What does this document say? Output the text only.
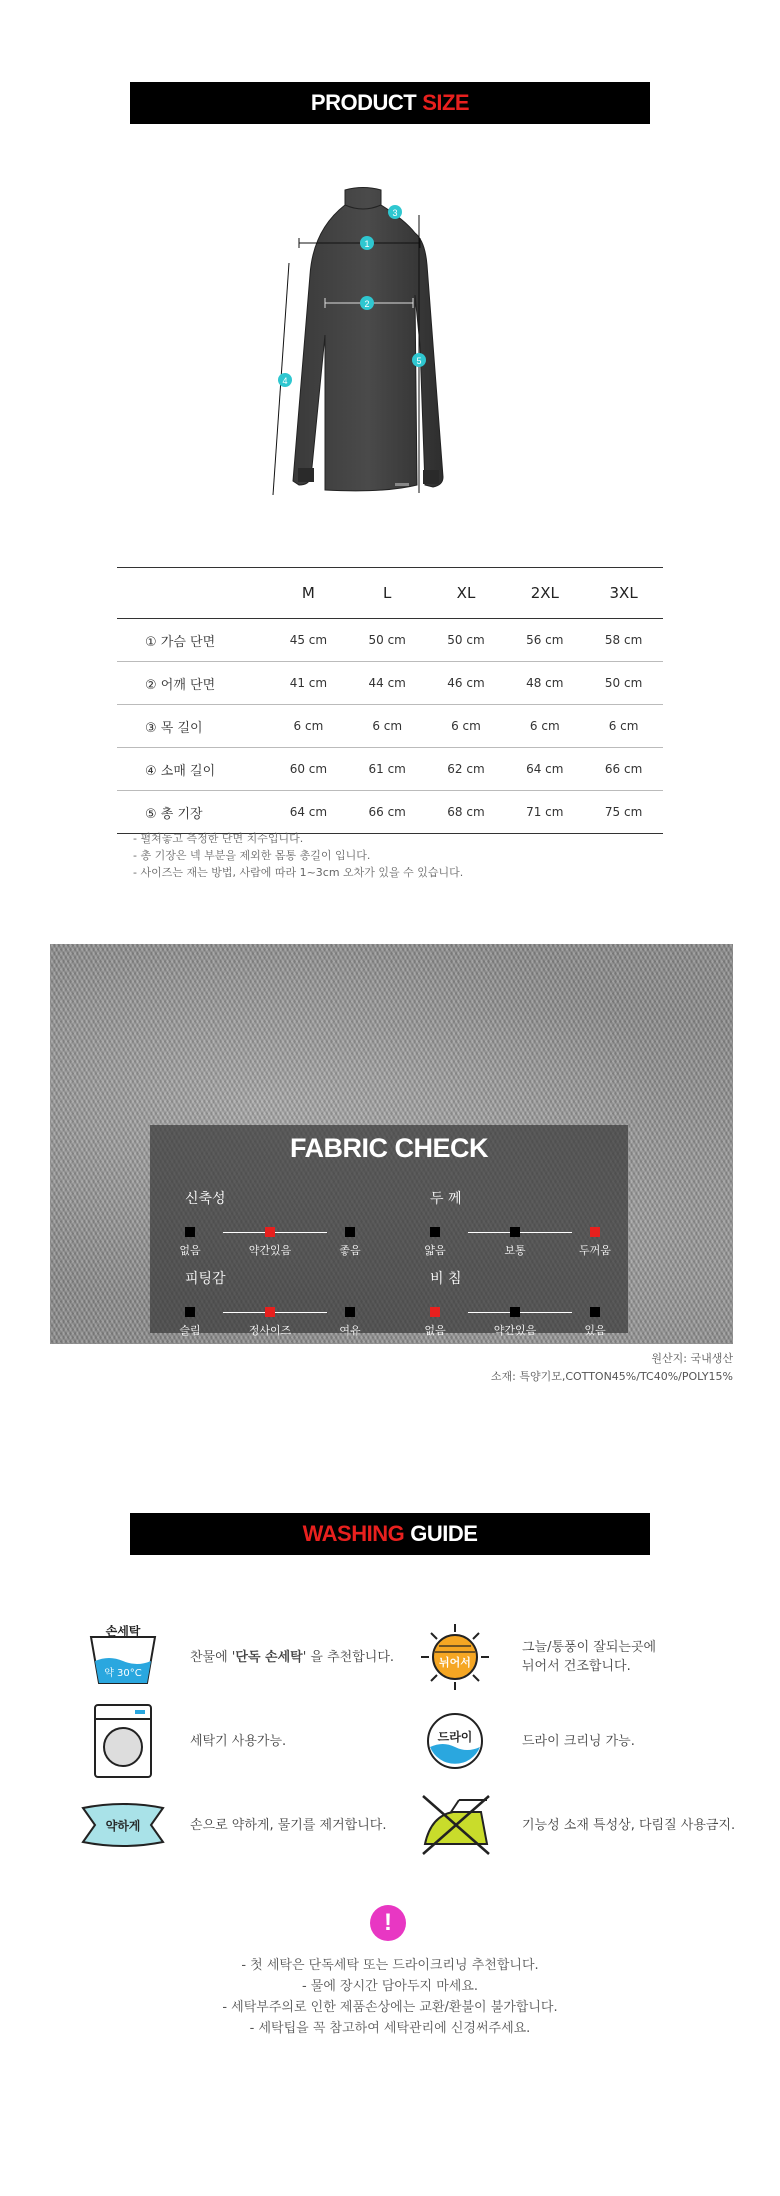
PRODUCT SIZE
1
2
3
4
5
	M	L	XL	2XL	3XL
① 가슴 단면	45 cm	50 cm	50 cm	56 cm	58 cm
② 어깨 단면	41 cm	44 cm	46 cm	48 cm	50 cm
③ 목 길이	6 cm	6 cm	6 cm	6 cm	6 cm
④ 소매 길이	60 cm	61 cm	62 cm	64 cm	66 cm
⑤ 총 기장	64 cm	66 cm	68 cm	71 cm	75 cm
- 펼쳐놓고 측정한 단면 치수입니다.
- 총 기장은 넥 부분을 제외한 몸통 총길이 입니다.
- 사이즈는 재는 방법, 사람에 따라 1~3cm 오차가 있을 수 있습니다.
FABRIC CHECK
신축성
없음	약간있음	좋음
두 께
얇음	보통	두꺼움
피팅감
슬림	정사이즈	여유
비 침
없음	약간있음	있음
원산지: 국내생산
소재: 특양기모,COTTON45%/TC40%/POLY15%
WASHING GUIDE
손세탁
약 30°C
찬물에 '단독 손세탁' 을 추천합니다.	뉘어서
그늘/통풍이 잘되는곳에
뉘어서 건조합니다.
세탁기 사용가능.	드라이	드라이 크리닝 가능.
약하게	손으로 약하게, 물기를 제거합니다.	기능성 소재 특성상, 다림질 사용금지.
!
- 첫 세탁은 단독세탁 또는 드라이크리닝 추천합니다.
- 물에 장시간 담아두지 마세요.
- 세탁부주의로 인한 제품손상에는 교환/환불이 불가합니다.
- 세탁팁을 꼭 참고하여 세탁관리에 신경써주세요.
